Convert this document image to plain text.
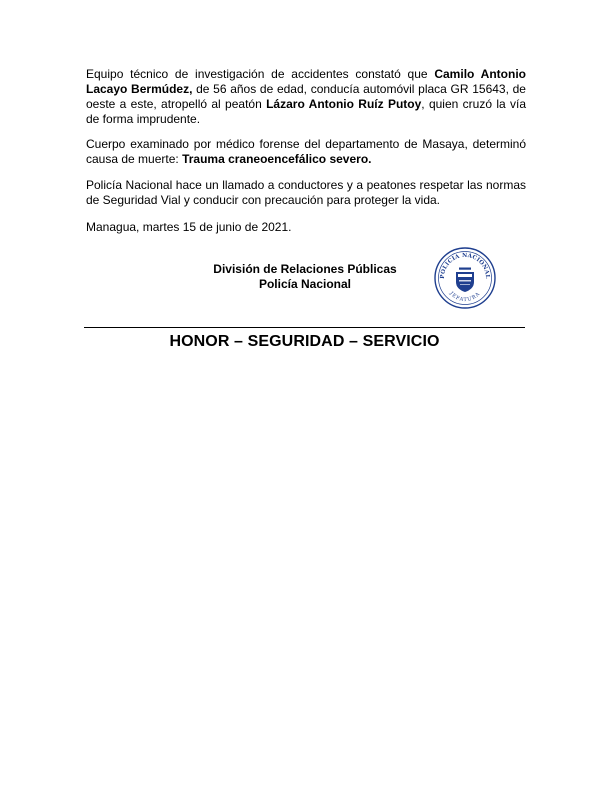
Equipo técnico de investigación de accidentes constató que Camilo Antonio Lacayo Bermúdez, de 56 años de edad, conducía automóvil placa GR 15643, de oeste a este, atropelló al peatón Lázaro Antonio Ruíz Putoy, quien cruzó la vía de forma imprudente.

Cuerpo examinado por médico forense del departamento de Masaya, determinó causa de muerte: Trauma craneoencefálico severo.

Policía Nacional hace un llamado a conductores y a peatones respetar las normas de Seguridad Vial y conducir con precaución para proteger la vida.

Managua, martes 15 de junio de 2021.

División de Relaciones Públicas
Policía Nacional
POLICIA NACIONAL
JEFATURA
HONOR – SEGURIDAD – SERVICIO
